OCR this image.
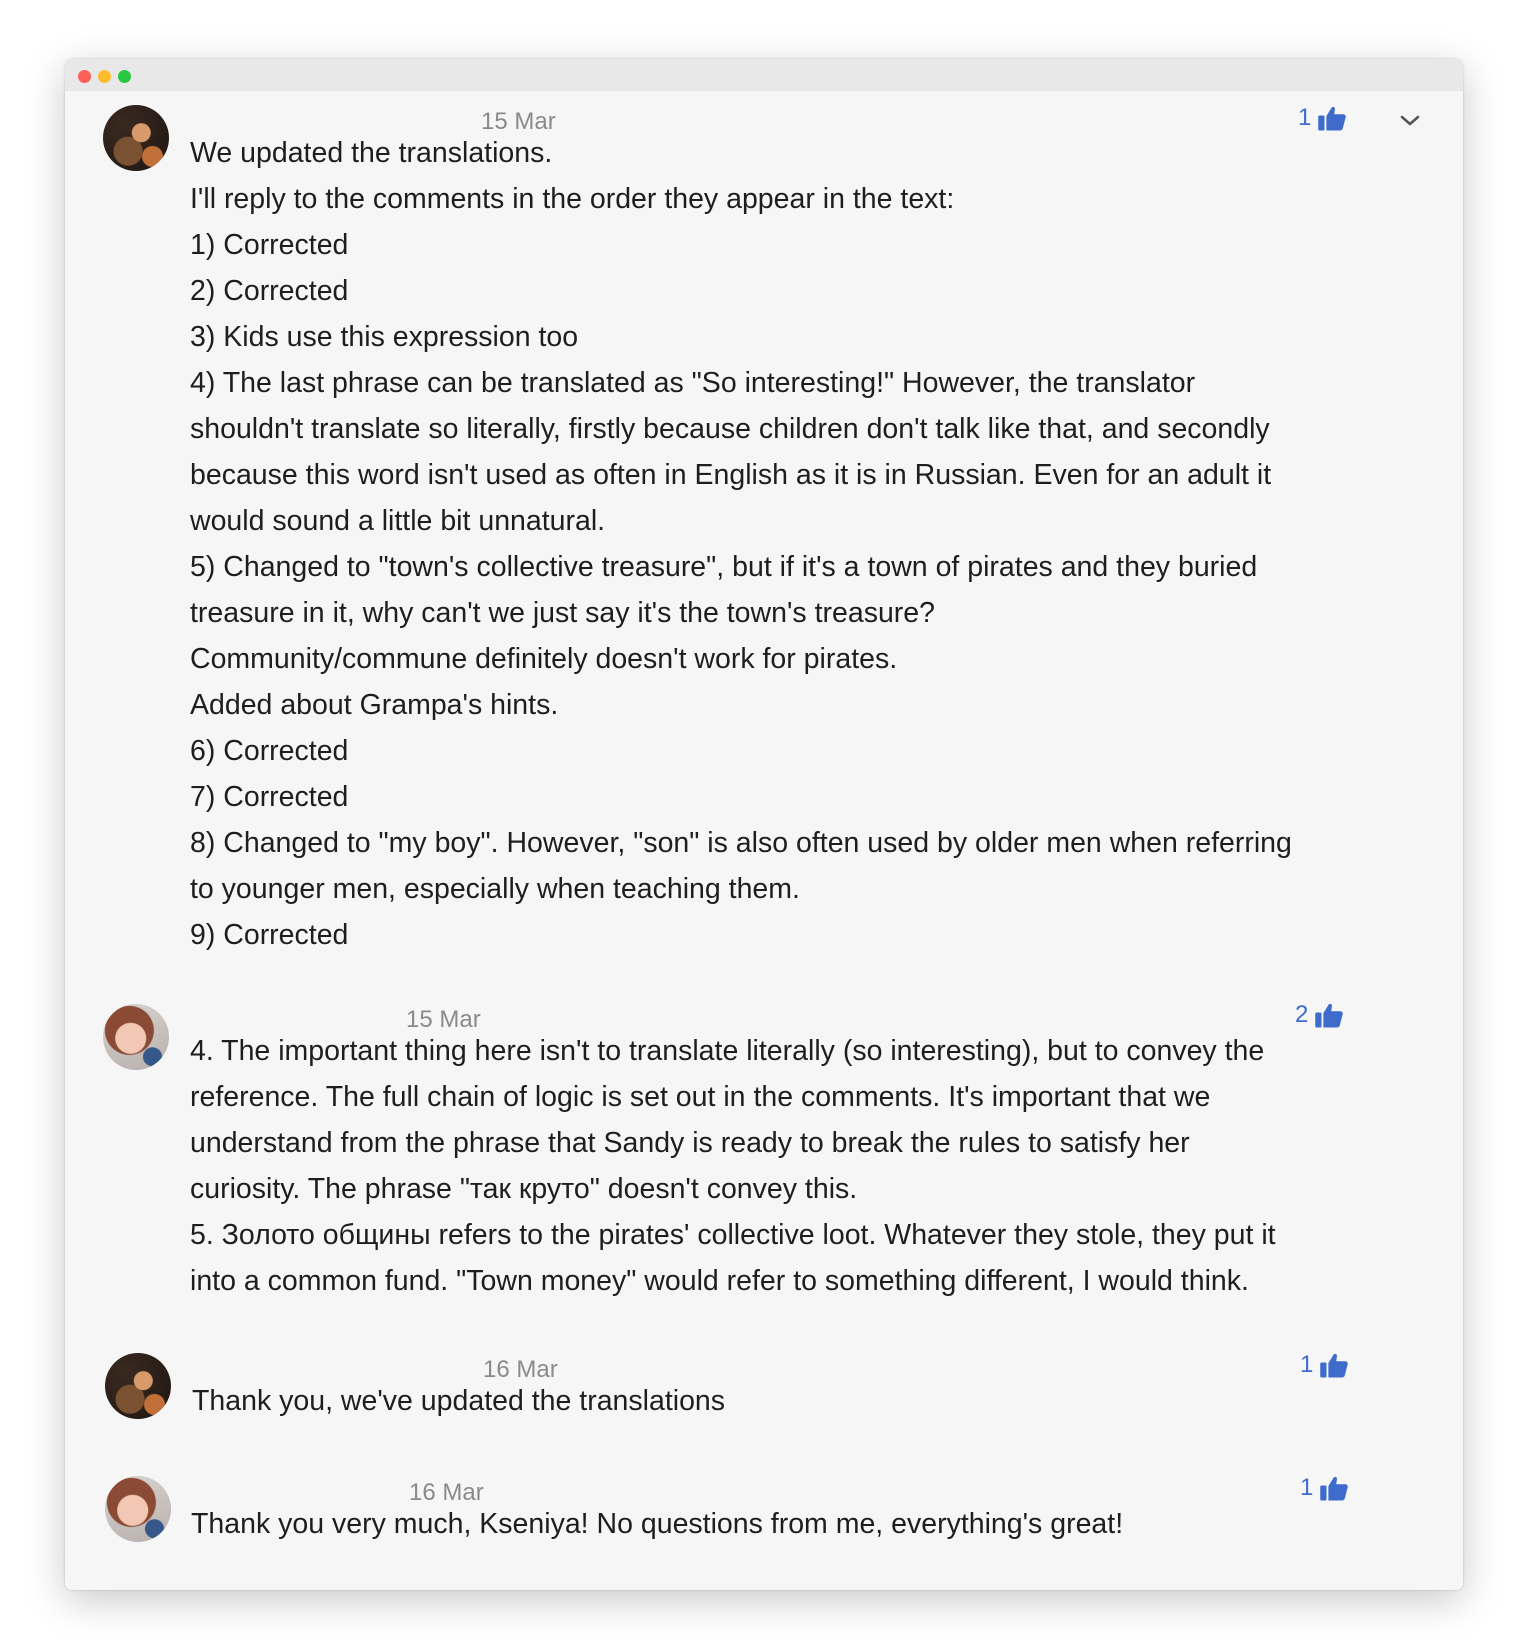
15 Mar	1
We updated the translations.
I'll reply to the comments in the order they appear in the text:
1) Corrected
2) Corrected
3) Kids use this expression too
4) The last phrase can be translated as "So interesting!" However, the translator
shouldn't translate so literally, firstly because children don't talk like that, and secondly
because this word isn't used as often in English as it is in Russian. Even for an adult it
would sound a little bit unnatural.
5) Changed to "town's collective treasure", but if it's a town of pirates and they buried
treasure in it, why can't we just say it's the town's treasure?
Community/commune definitely doesn't work for pirates.
Added about Grampa's hints.
6) Corrected
7) Corrected
8) Changed to "my boy". However, "son" is also often used by older men when referring
to younger men, especially when teaching them.
9) Corrected
15 Mar	2
4. The important thing here isn't to translate literally (so interesting), but to convey the
reference. The full chain of logic is set out in the comments. It's important that we
understand from the phrase that Sandy is ready to break the rules to satisfy her
curiosity. The phrase "так круто" doesn't convey this.
5. Золото общины refers to the pirates' collective loot. Whatever they stole, they put it
into a common fund. "Town money" would refer to something different, I would think.
16 Mar	1
Thank you, we've updated the translations
16 Mar	1
Thank you very much, Kseniya! No questions from me, everything's great!
